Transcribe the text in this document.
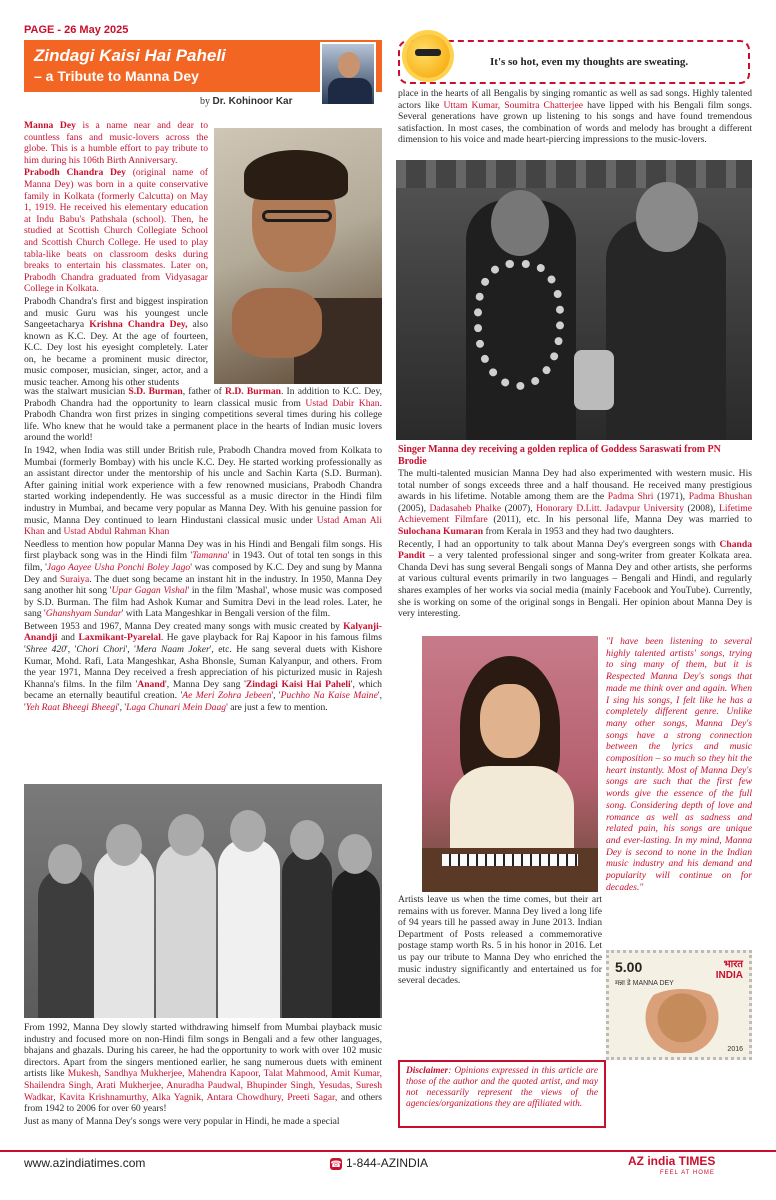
PAGE - 26 May 2025
Zindagi Kaisi Hai Paheli
– a Tribute to Manna Dey
by Dr. Kohinoor Kar
It's so hot, even my thoughts are sweating.

Manna Dey is a name near and dear to countless fans and music-lovers across the globe. This is a humble effort to pay tribute to him during his 106th Birth Anniversary.

Prabodh Chandra Dey (original name of Manna Dey) was born in a quite conservative family in Kolkata (formerly Calcutta) on May 1, 1919. He received his elementary education at Indu Babu's Pathshala (school). Then, he studied at Scottish Church Collegiate School and Scottish Church College. He used to play tabla-like beats on classroom desks during breaks to entertain his classmates. Later on, Prabodh Chandra graduated from Vidyasagar College in Kolkata.

Prabodh Chandra's first and biggest inspiration and music Guru was his youngest uncle Sangeetacharya Krishna Chandra Dey, also known as K.C. Dey. At the age of fourteen, K.C. Dey lost his eyesight completely. Later on, he became a prominent music director, music composer, musician, singer, actor, and a music teacher. Among his other students

was the stalwart musician S.D. Burman, father of R.D. Burman. In addition to K.C. Dey, Prabodh Chandra had the opportunity to learn classical music from Ustad Dabir Khan. Prabodh Chandra won first prizes in singing competitions several times during his college life. Who knew that he would take a permanent place in the hearts of Indian music lovers around the world!

In 1942, when India was still under British rule, Prabodh Chandra moved from Kolkata to Mumbai (formerly Bombay) with his uncle K.C. Dey. He started working professionally as an assistant director under the mentorship of his uncle and Sachin Karta (S.D. Burman). After gaining initial work experience with a few renowned musicians, Prabodh Chandra started working independently. He was successful as a music director in the Hindi film industry in Mumbai, and became very popular as Manna Dey. With his genuine passion for music, Manna Dey continued to learn Hindustani classical music under Ustad Aman Ali Khan and Ustad Abdul Rahman Khan

Needless to mention how popular Manna Dey was in his Hindi and Bengali film songs. His first playback song was in the Hindi film 'Tamanna' in 1943. Out of total ten songs in this film, 'Jago Aayee Usha Ponchi Boley Jago' was composed by K.C. Dey and sung by Manna Dey and Suraiya. The duet song became an instant hit in the industry. In 1950, Manna Dey sang another hit song 'Upar Gagan Vishal' in the film 'Mashal', whose music was composed by S.D. Burman. The film had Ashok Kumar and Sumitra Devi in the lead roles. Later, he sang 'Ghanshyam Sundar' with Lata Mangeshkar in Bengali version of the film.

Between 1953 and 1967, Manna Dey created many songs with music created by Kalyanji-Anandji and Laxmikant-Pyarelal. He gave playback for Raj Kapoor in his famous films 'Shree 420', 'Chori Chori', 'Mera Naam Joker', etc. He sang several duets with Kishore Kumar, Mohd. Rafi, Lata Mangeshkar, Asha Bhonsle, Suman Kalyanpur, and others. From the year 1971, Manna Dey received a fresh appreciation of his picturized music in Rajesh Khanna's films. In the film 'Anand', Manna Dey sang 'Zindagi Kaisi Hai Paheli', which became an eternally beautiful creation. 'Ae Meri Zohra Jebeen', 'Puchho Na Kaise Maine', 'Yeh Raat Bheegi Bheegi', 'Laga Chunari Mein Daag' are just a few to mention.

From 1992, Manna Dey slowly started withdrawing himself from Mumbai playback music industry and focused more on non-Hindi film songs in Bengali and a few other languages, bhajans and ghazals. During his career, he had the opportunity to work with over 102 music directors. Apart from the singers mentioned earlier, he sang numerous duets with eminent artists like Mukesh, Sandhya Mukherjee, Mahendra Kapoor, Talat Mahmood, Amit Kumar, Shailendra Singh, Arati Mukherjee, Anuradha Paudwal, Bhupinder Singh, Yesudas, Suresh Wadkar, Kavita Krishnamurthy, Alka Yagnik, Antara Chowdhury, Preeti Sagar, and others from 1942 to 2006 for over 60 years!

Just as many of Manna Dey's songs were very popular in Hindi, he made a special

place in the hearts of all Bengalis by singing romantic as well as sad songs. Highly talented actors like Uttam Kumar, Soumitra Chatterjee have lipped with his Bengali film songs. Several generations have grown up listening to his songs and have found tremendous satisfaction. In most cases, the combination of words and melody has brought a different dimension to his voice and made heart-piercing impressions to the music-lovers.

Singer Manna dey receiving a golden replica of Goddess Saraswati from PN Brodie

The multi-talented musician Manna Dey had also experimented with western music. His total number of songs exceeds three and a half thousand. He received many prestigious awards in his lifetime. Notable among them are the Padma Shri (1971), Padma Bhushan (2005), Dadasaheb Phalke (2007), Honorary D.Litt. Jadavpur University (2008), Lifetime Achievement Filmfare (2011), etc. In his personal life, Manna Dey was married to Sulochana Kumaran from Kerala in 1953 and they had two daughters.

Recently, I had an opportunity to talk about Manna Dey's evergreen songs with Chanda Pandit – a very talented professional singer and song-writer from greater Kolkata area. Chanda Devi has sung several Bengali songs of Manna Dey and other artists, she performs at various cultural events primarily in two languages – Bengali and Hindi, and regularly shares examples of her works via social media (mainly Facebook and YouTube). Currently, she is working on some of the original songs in Bengali. Her opinion about Manna Dey is very interesting.

"I have been listening to several highly talented artists' songs, trying to sing many of them, but it is Respected Manna Dey's songs that made me think over and again. When I sing his songs, I felt like he has a completely different genre. Unlike many other songs, Manna Dey's songs have a strong connection between the lyrics and music composition – so much so they hit the heart instantly. Most of Manna Dey's songs are such that the first few words give the essence of the full song. Considering depth of love and romance as well as sadness and related pain, his songs are unique and ever-lasting. In my mind, Manna Dey is second to none in the Indian music industry and his demand and popularity will continue on for decades."

Artists leave us when the time comes, but their art remains with us forever. Manna Dey lived a long life of 94 years till he passed away in June 2013. Indian Department of Posts released a commemorative postage stamp worth Rs. 5 in his honor in 2016. Let us pay our tribute to Manna Dey who enriched the music industry significantly and entertained us for several decades.

5.00	भारत
INDIA
मन्ना डे MANNA DEY
2016
Disclaimer: Opinions expressed in this article are those of the author and the quoted artist, and may not necessarily represent the views of the agencies/organizations they are affiliated with.
www.azindiatimes.com	☎ 1-844-AZINDIA	AZ india TIMES
FEEL AT HOME
